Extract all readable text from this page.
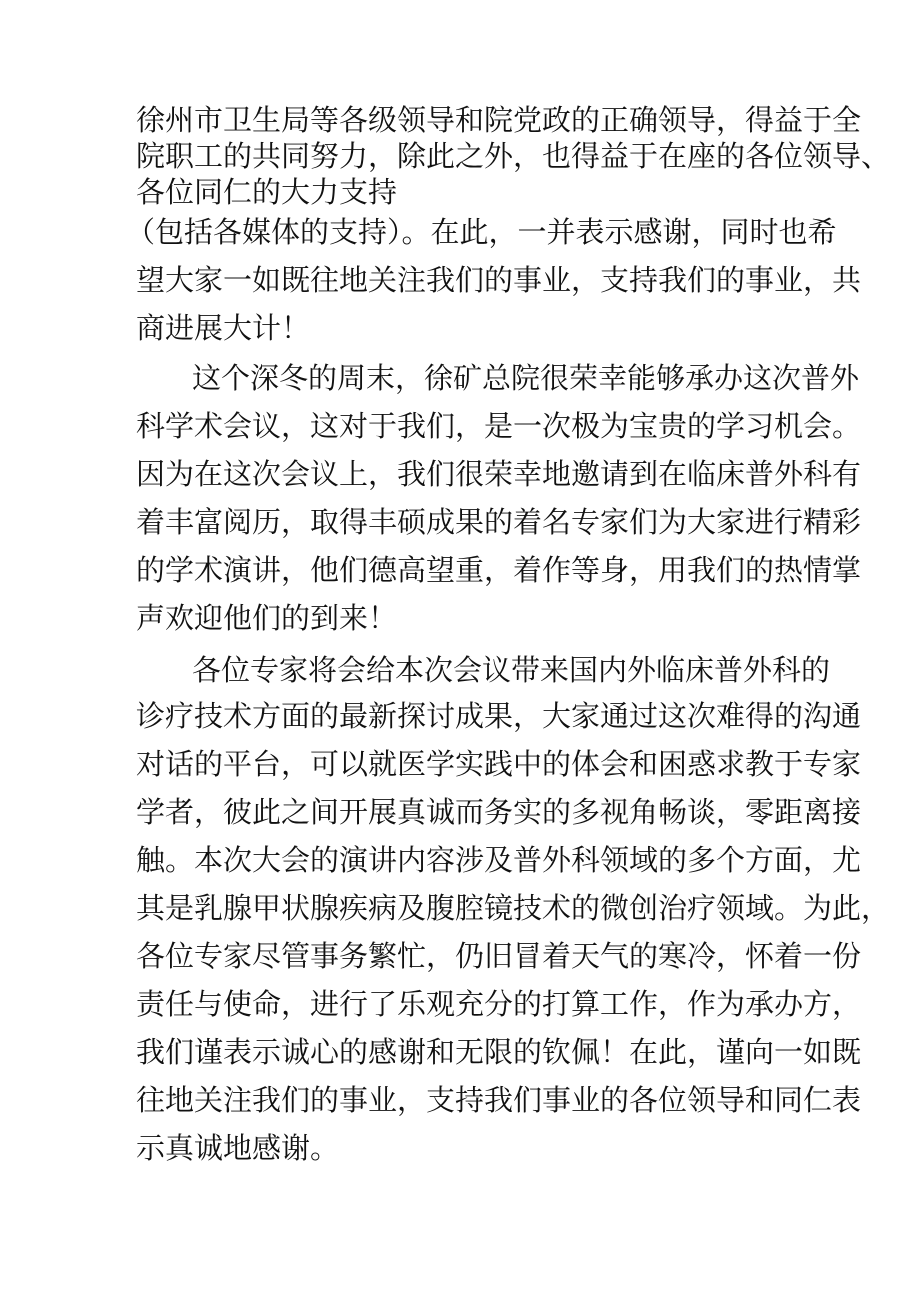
徐州市卫生局等各级领导和院党政的正确领导，得益于全
院职工的共同努力，除此之外，也得益于在座的各位领导、
各位同仁的大力支持
（包括各媒体的支持）。在此，一并表示感谢，同时也希
望大家一如既往地关注我们的事业，支持我们的事业，共
商进展大计！
这个深冬的周末，徐矿总院很荣幸能够承办这次普外
科学术会议，这对于我们，是一次极为宝贵的学习机会。
因为在这次会议上，我们很荣幸地邀请到在临床普外科有
着丰富阅历，取得丰硕成果的着名专家们为大家进行精彩
的学术演讲，他们德高望重，着作等身，用我们的热情掌
声欢迎他们的到来！
各位专家将会给本次会议带来国内外临床普外科的
诊疗技术方面的最新探讨成果，大家通过这次难得的沟通
对话的平台，可以就医学实践中的体会和困惑求教于专家
学者，彼此之间开展真诚而务实的多视角畅谈，零距离接
触。本次大会的演讲内容涉及普外科领域的多个方面，尤
其是乳腺甲状腺疾病及腹腔镜技术的微创治疗领域。为此，
各位专家尽管事务繁忙，仍旧冒着天气的寒冷，怀着一份
责任与使命，进行了乐观充分的打算工作，作为承办方，
我们谨表示诚心的感谢和无限的钦佩！在此，谨向一如既
往地关注我们的事业，支持我们事业的各位领导和同仁表
示真诚地感谢。
